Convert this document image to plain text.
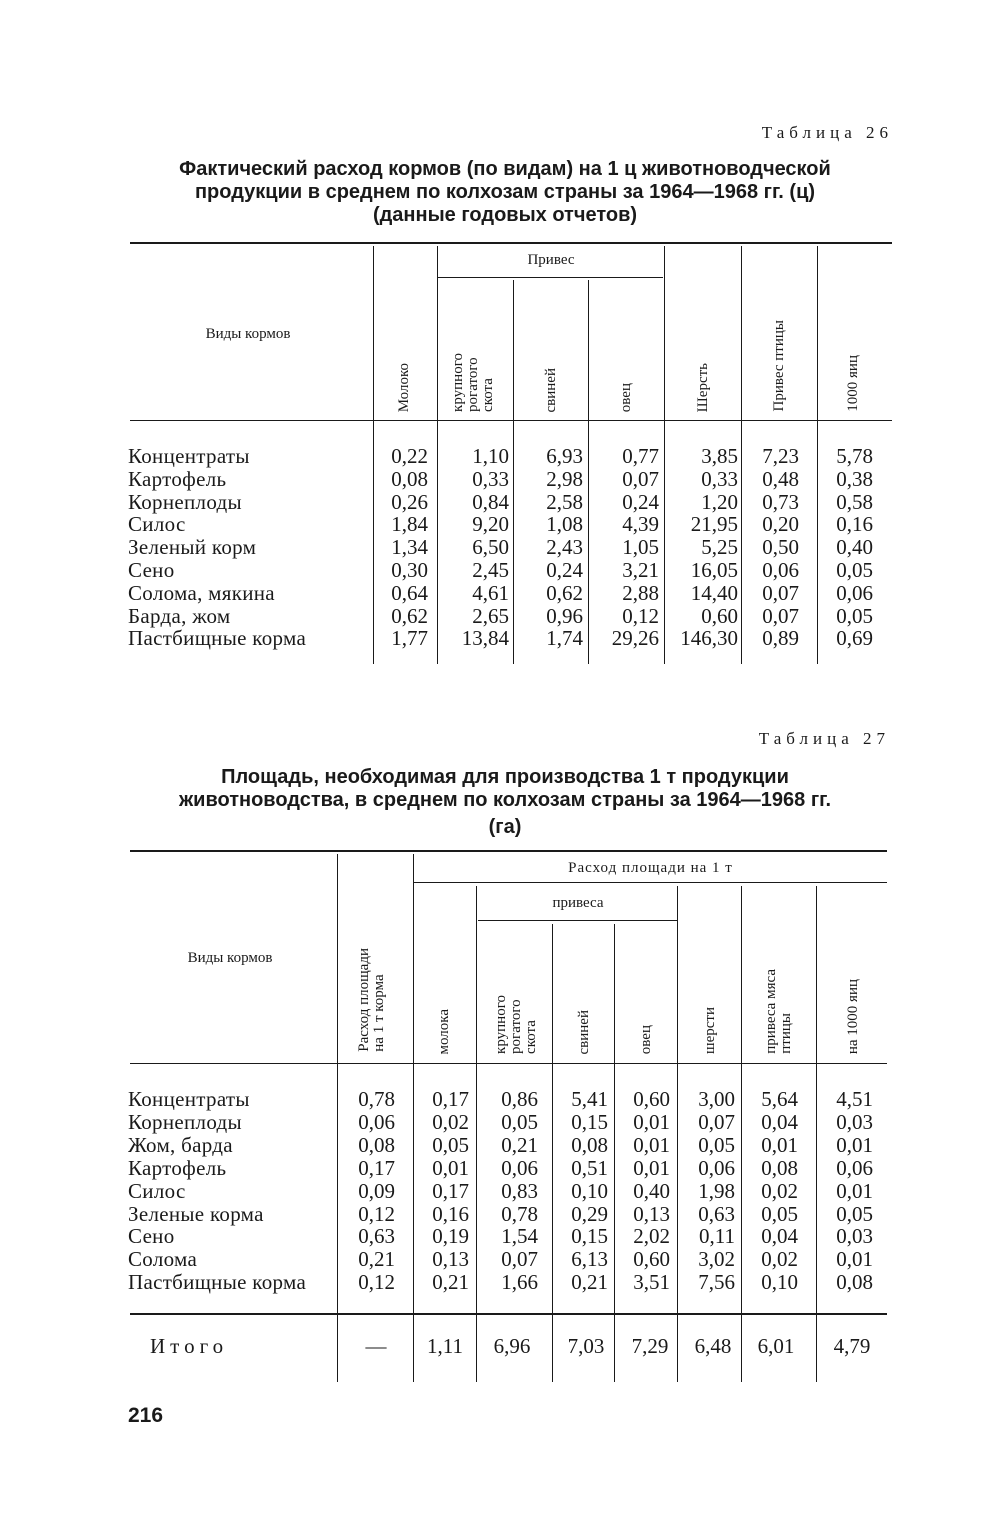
Таблица 26
Фактический расход кормов (по видам) на 1 ц животноводческой
продукции в среднем по колхозам страны за 1964—1968 гг. (ц)
(данные годовых отчетов)
Виды кормов
Привес
Молоко	крупного
рогатого
скота	свиней	овец	Шерсть	Привес птицы	1000 яиц
Концентраты	0,22	1,10	6,93	0,77	3,85	7,23	5,78
Картофель	0,08	0,33	2,98	0,07	0,33	0,48	0,38
Корнеплоды	0,26	0,84	2,58	0,24	1,20	0,73	0,58
Силос	1,84	9,20	1,08	4,39	21,95	0,20	0,16
Зеленый корм	1,34	6,50	2,43	1,05	5,25	0,50	0,40
Сено	0,30	2,45	0,24	3,21	16,05	0,06	0,05
Солома, мякина	0,64	4,61	0,62	2,88	14,40	0,07	0,06
Барда, жом	0,62	2,65	0,96	0,12	0,60	0,07	0,05
Пастбищные корма	1,77	13,84	1,74	29,26	146,30	0,89	0,69
Таблица 27
Площадь, необходимая для производства 1 т продукции
животноводства, в среднем по колхозам страны за 1964—1968 гг.
(га)
Виды кормов
Расход площади на 1 т
привеса
Расход площади
на 1 т корма
молока	крупного
рогатого
скота свиней	овец	шерсти	привеса мяса
птицы	на 1000 яиц
Концентраты	0,78	0,17	0,86	5,41	0,60	3,00	5,64	4,51
Корнеплоды	0,06	0,02	0,05	0,15	0,01	0,07	0,04	0,03
Жом, барда	0,08	0,05	0,21	0,08	0,01	0,05	0,01	0,01
Картофель	0,17	0,01	0,06	0,51	0,01	0,06	0,08	0,06
Силос	0,09	0,17	0,83	0,10	0,40	1,98	0,02	0,01
Зеленые корма	0,12	0,16	0,78	0,29	0,13	0,63	0,05	0,05
Сено	0,63	0,19	1,54	0,15	2,02	0,11	0,04	0,03
Солома	0,21	0,13	0,07	6,13	0,60	3,02	0,02	0,01
Пастбищные корма	0,12	0,21	1,66	0,21	3,51	7,56	0,10	0,08
Итого	—	1,11	6,96	7,03	7,29	6,48	6,01	4,79
216
